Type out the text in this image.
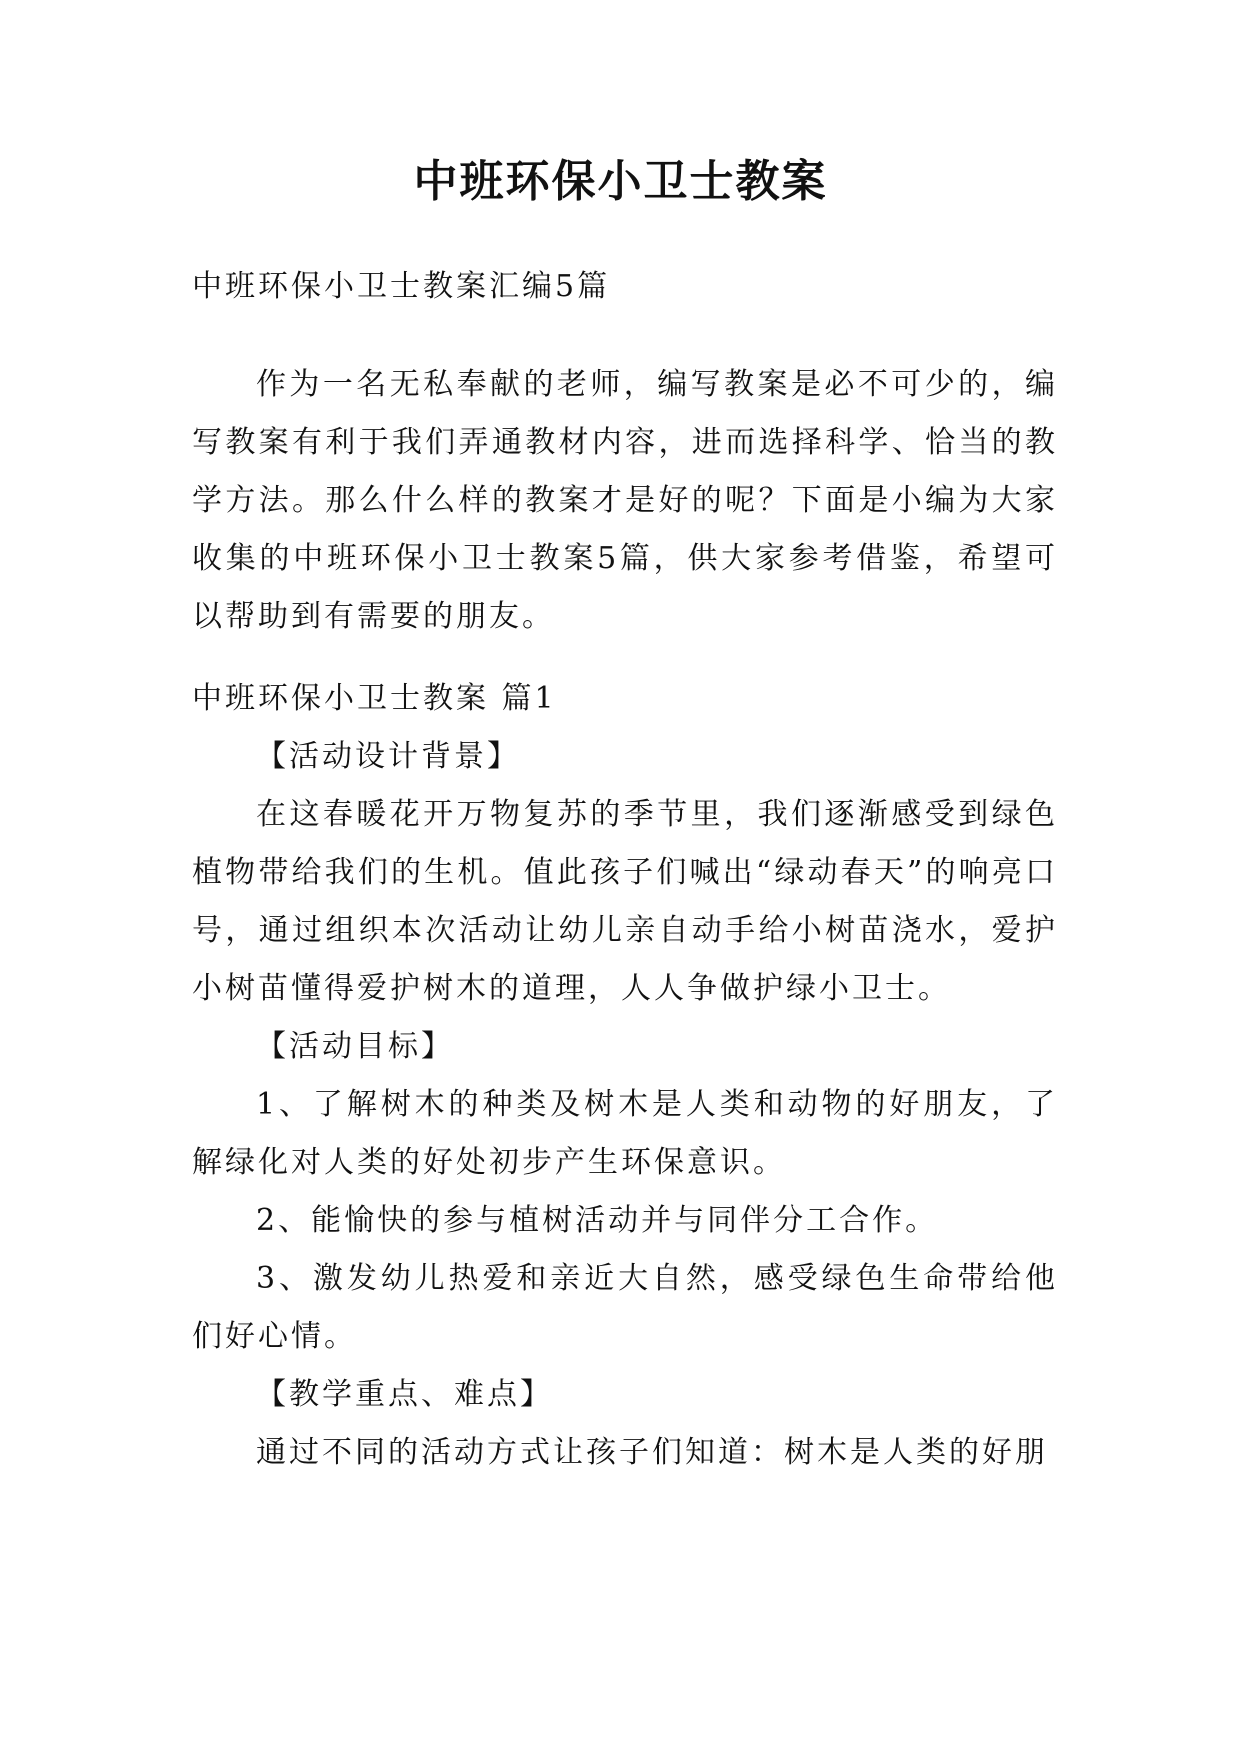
中班环保小卫士教案

中班环保小卫士教案汇编5篇

作为一名无私奉献的老师，编写教案是必不可少的，编写教案有利于我们弄通教材内容，进而选择科学、恰当的教学方法。那么什么样的教案才是好的呢？下面是小编为大家收集的中班环保小卫士教案5篇，供大家参考借鉴，希望可以帮助到有需要的朋友。

中班环保小卫士教案 篇1

【活动设计背景】

在这春暖花开万物复苏的季节里，我们逐渐感受到绿色植物带给我们的生机。值此孩子们喊出“绿动春天”的响亮口号，通过组织本次活动让幼儿亲自动手给小树苗浇水，爱护小树苗懂得爱护树木的道理，人人争做护绿小卫士。

【活动目标】

1、了解树木的种类及树木是人类和动物的好朋友，了解绿化对人类的好处初步产生环保意识。

2、能愉快的参与植树活动并与同伴分工合作。

3、激发幼儿热爱和亲近大自然，感受绿色生命带给他们好心情。

【教学重点、难点】

通过不同的活动方式让孩子们知道：树木是人类的好朋
